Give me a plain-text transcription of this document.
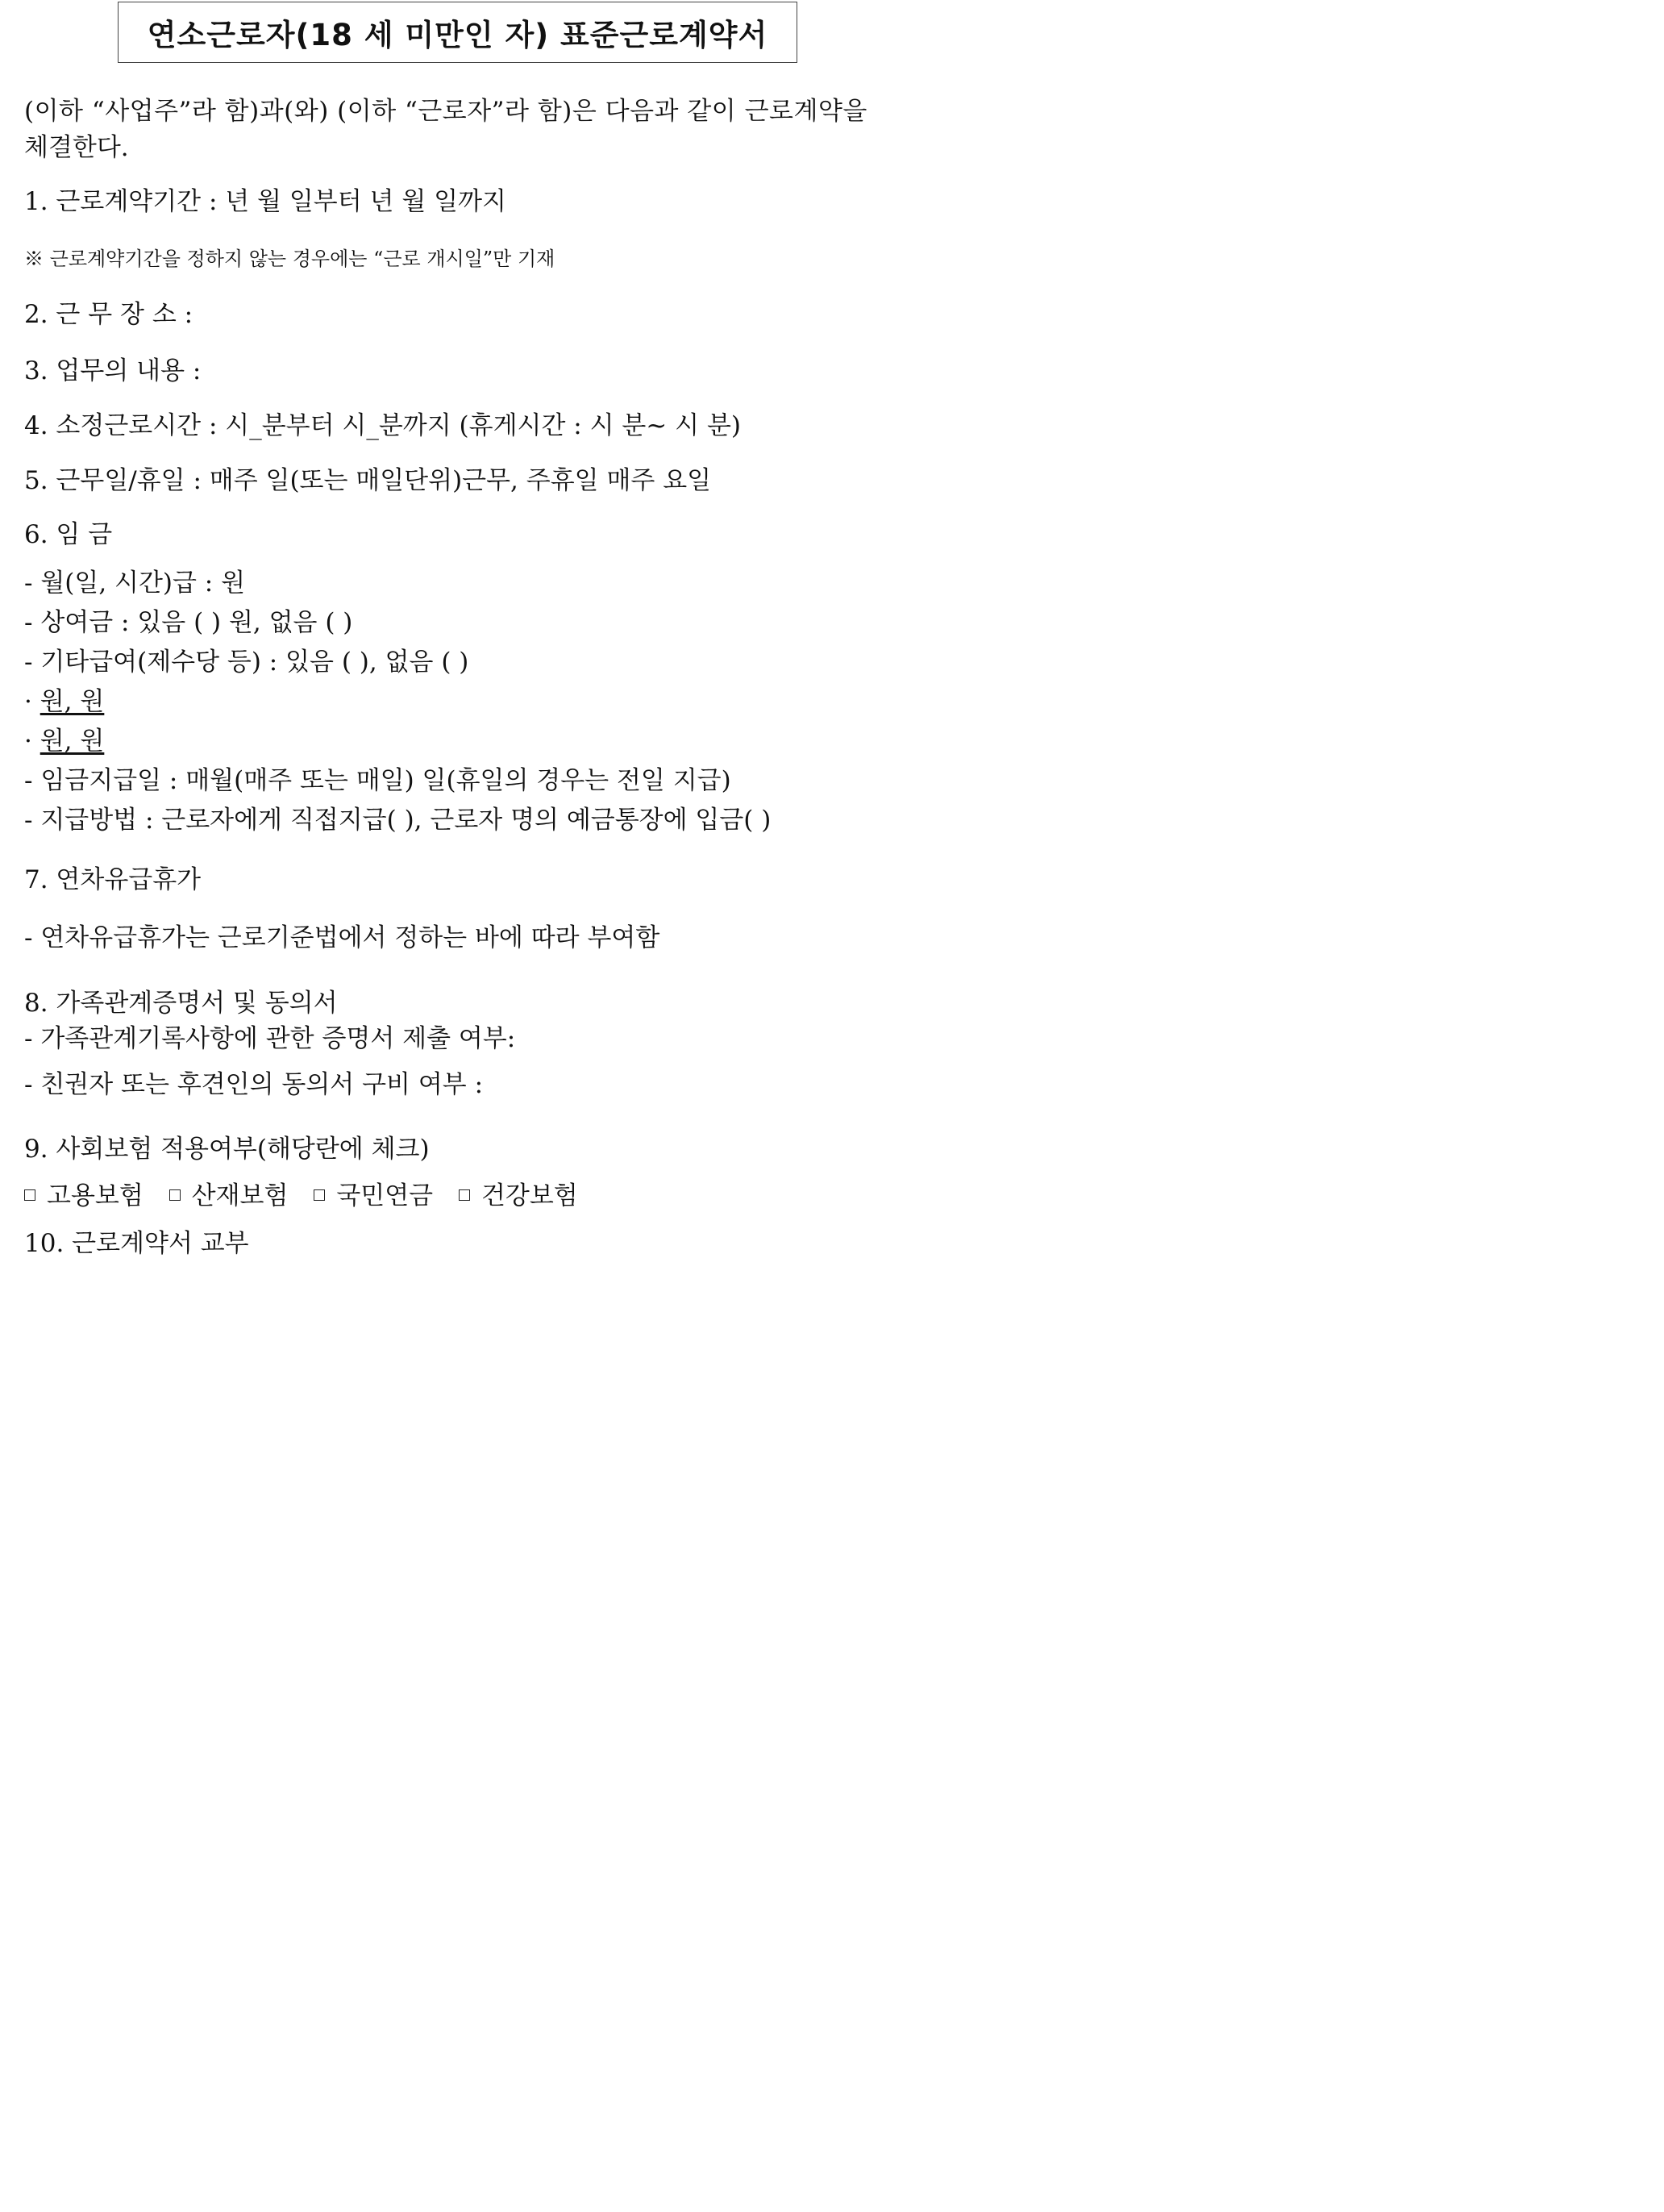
연소근로자(18 세 미만인 자) 표준근로계약서
(이하 “사업주”라 함)과(와) (이하 “근로자”라 함)은 다음과 같이 근로계약을
체결한다.
1. 근로계약기간 : 년 월 일부터 년 월 일까지
※ 근로계약기간을 정하지 않는 경우에는 “근로 개시일”만 기재
2. 근 무 장 소 :
3. 업무의 내용 :
4. 소정근로시간 : 시_분부터 시_분까지 (휴게시간 : 시 분~ 시 분)
5. 근무일/휴일 : 매주 일(또는 매일단위)근무, 주휴일 매주 요일
6. 임 금
- 월(일, 시간)급 : 원
- 상여금 : 있음 ( ) 원, 없음 ( )
- 기타급여(제수당 등) : 있음 ( ), 없음 ( )
· 원, 원
· 원, 원
- 임금지급일 : 매월(매주 또는 매일) 일(휴일의 경우는 전일 지급)
- 지급방법 : 근로자에게 직접지급( ), 근로자 명의 예금통장에 입금( )
7. 연차유급휴가
- 연차유급휴가는 근로기준법에서 정하는 바에 따라 부여함
8. 가족관계증명서 및 동의서
- 가족관계기록사항에 관한 증명서 제출 여부:
- 친권자 또는 후견인의 동의서 구비 여부 :
9. 사회보험 적용여부(해당란에 체크)
고용보험 산재보험 국민연금 건강보험
10. 근로계약서 교부
